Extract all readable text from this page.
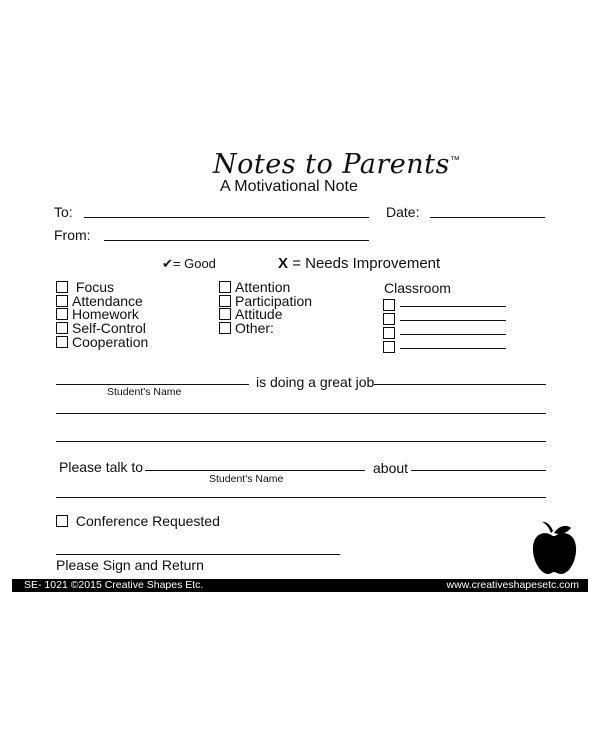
Notes to Parents™
A Motivational Note
To:	Date:
From:
✔= Good	X = Needs Improvement
Focus
Attendance
Homework
Self-Control
Cooperation
Attention
Participation
Attitude
Other:
Classroom
is doing a great job
Student's Name
Please talk to	about
Student's Name
Conference Requested
Please Sign and Return
SE- 1021 ©2015 Creative Shapes Etc.	www.creativeshapesetc.com
